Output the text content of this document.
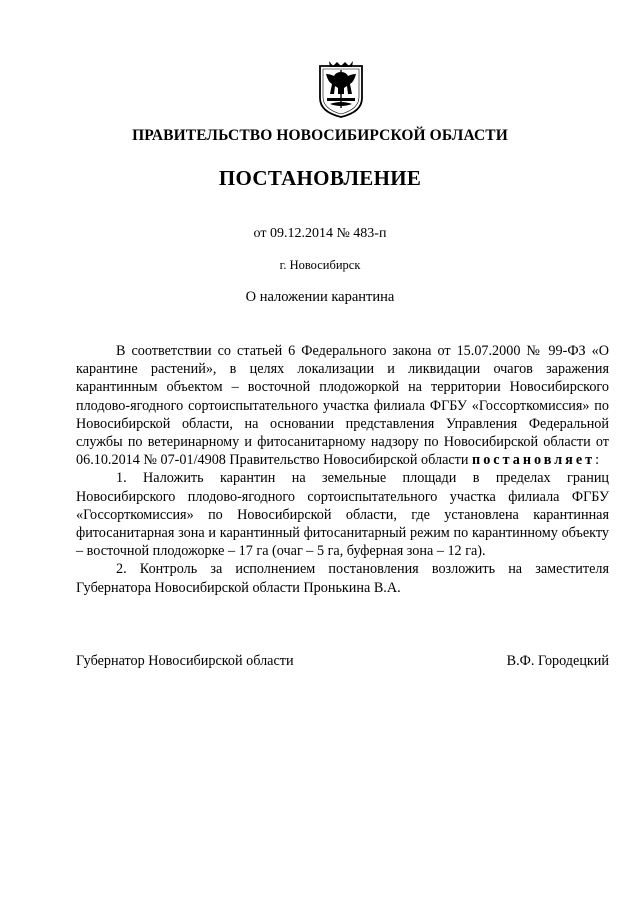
ПРАВИТЕЛЬСТВО НОВОСИБИРСКОЙ ОБЛАСТИ
ПОСТАНОВЛЕНИЕ
от 09.12.2014 № 483-п
г. Новосибирск
О наложении карантина

В соответствии со статьей 6 Федерального закона от 15.07.2000 № 99-ФЗ «О карантине растений», в целях локализации и ликвидации очагов заражения карантинным объектом – восточной плодожоркой на территории Новосибирского плодово-ягодного сортоиспытательного участка филиала ФГБУ «Госсорткомиссия» по Новосибирской области, на основании представления Управления Федеральной службы по ветеринарному и фитосанитарному надзору по Новосибирской области от 06.10.2014 № 07-01/4908 Правительство Новосибирской области постановляет:

1. Наложить карантин на земельные площади в пределах границ Новосибирского плодово-ягодного сортоиспытательного участка филиала ФГБУ «Госсорткомиссия» по Новосибирской области, где установлена карантинная фитосанитарная зона и карантинный фитосанитарный режим по карантинному объекту – восточной плодожорке – 17 га (очаг – 5 га, буферная зона – 12 га).

2. Контроль за исполнением постановления возложить на заместителя Губернатора Новосибирской области Пронькина В.А.

Губернатор Новосибирской области	В.Ф. Городецкий
